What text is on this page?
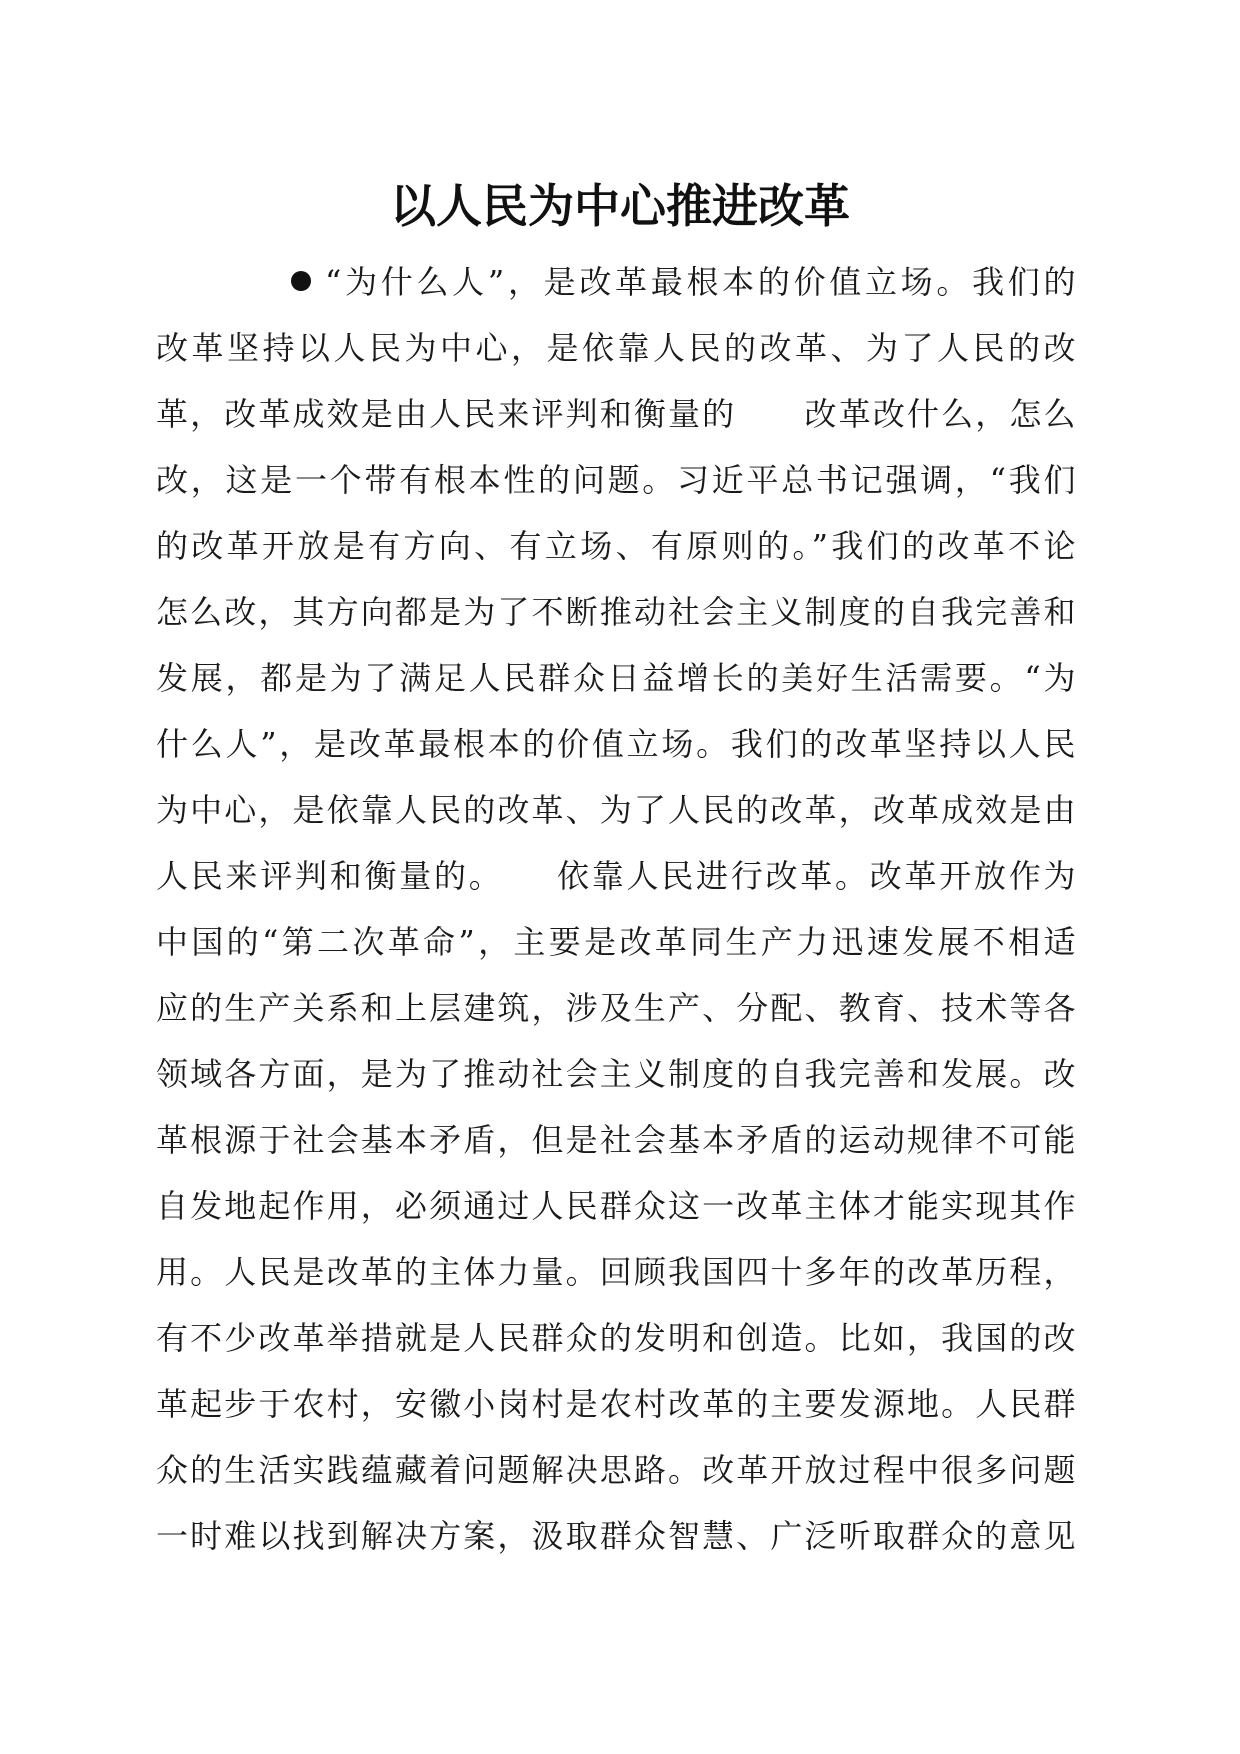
以人民为中心推进改革
“为什么人”，是改革最根本的价值立场。我们的
改革坚持以人民为中心，是依靠人民的改革、为了人民的改
革，改革成效是由人民来评判和衡量的　　改革改什么，怎么
改，这是一个带有根本性的问题。习近平总书记强调，“我们
的改革开放是有方向、有立场、有原则的。”我们的改革不论
怎么改，其方向都是为了不断推动社会主义制度的自我完善和
发展，都是为了满足人民群众日益增长的美好生活需要。“为
什么人”，是改革最根本的价值立场。我们的改革坚持以人民
为中心，是依靠人民的改革、为了人民的改革，改革成效是由
人民来评判和衡量的。　　依靠人民进行改革。改革开放作为
中国的“第二次革命”，主要是改革同生产力迅速发展不相适
应的生产关系和上层建筑，涉及生产、分配、教育、技术等各
领域各方面，是为了推动社会主义制度的自我完善和发展。改
革根源于社会基本矛盾，但是社会基本矛盾的运动规律不可能
自发地起作用，必须通过人民群众这一改革主体才能实现其作
用。人民是改革的主体力量。回顾我国四十多年的改革历程，
有不少改革举措就是人民群众的发明和创造。比如，我国的改
革起步于农村，安徽小岗村是农村改革的主要发源地。人民群
众的生活实践蕴藏着问题解决思路。改革开放过程中很多问题
一时难以找到解决方案，汲取群众智慧、广泛听取群众的意见
